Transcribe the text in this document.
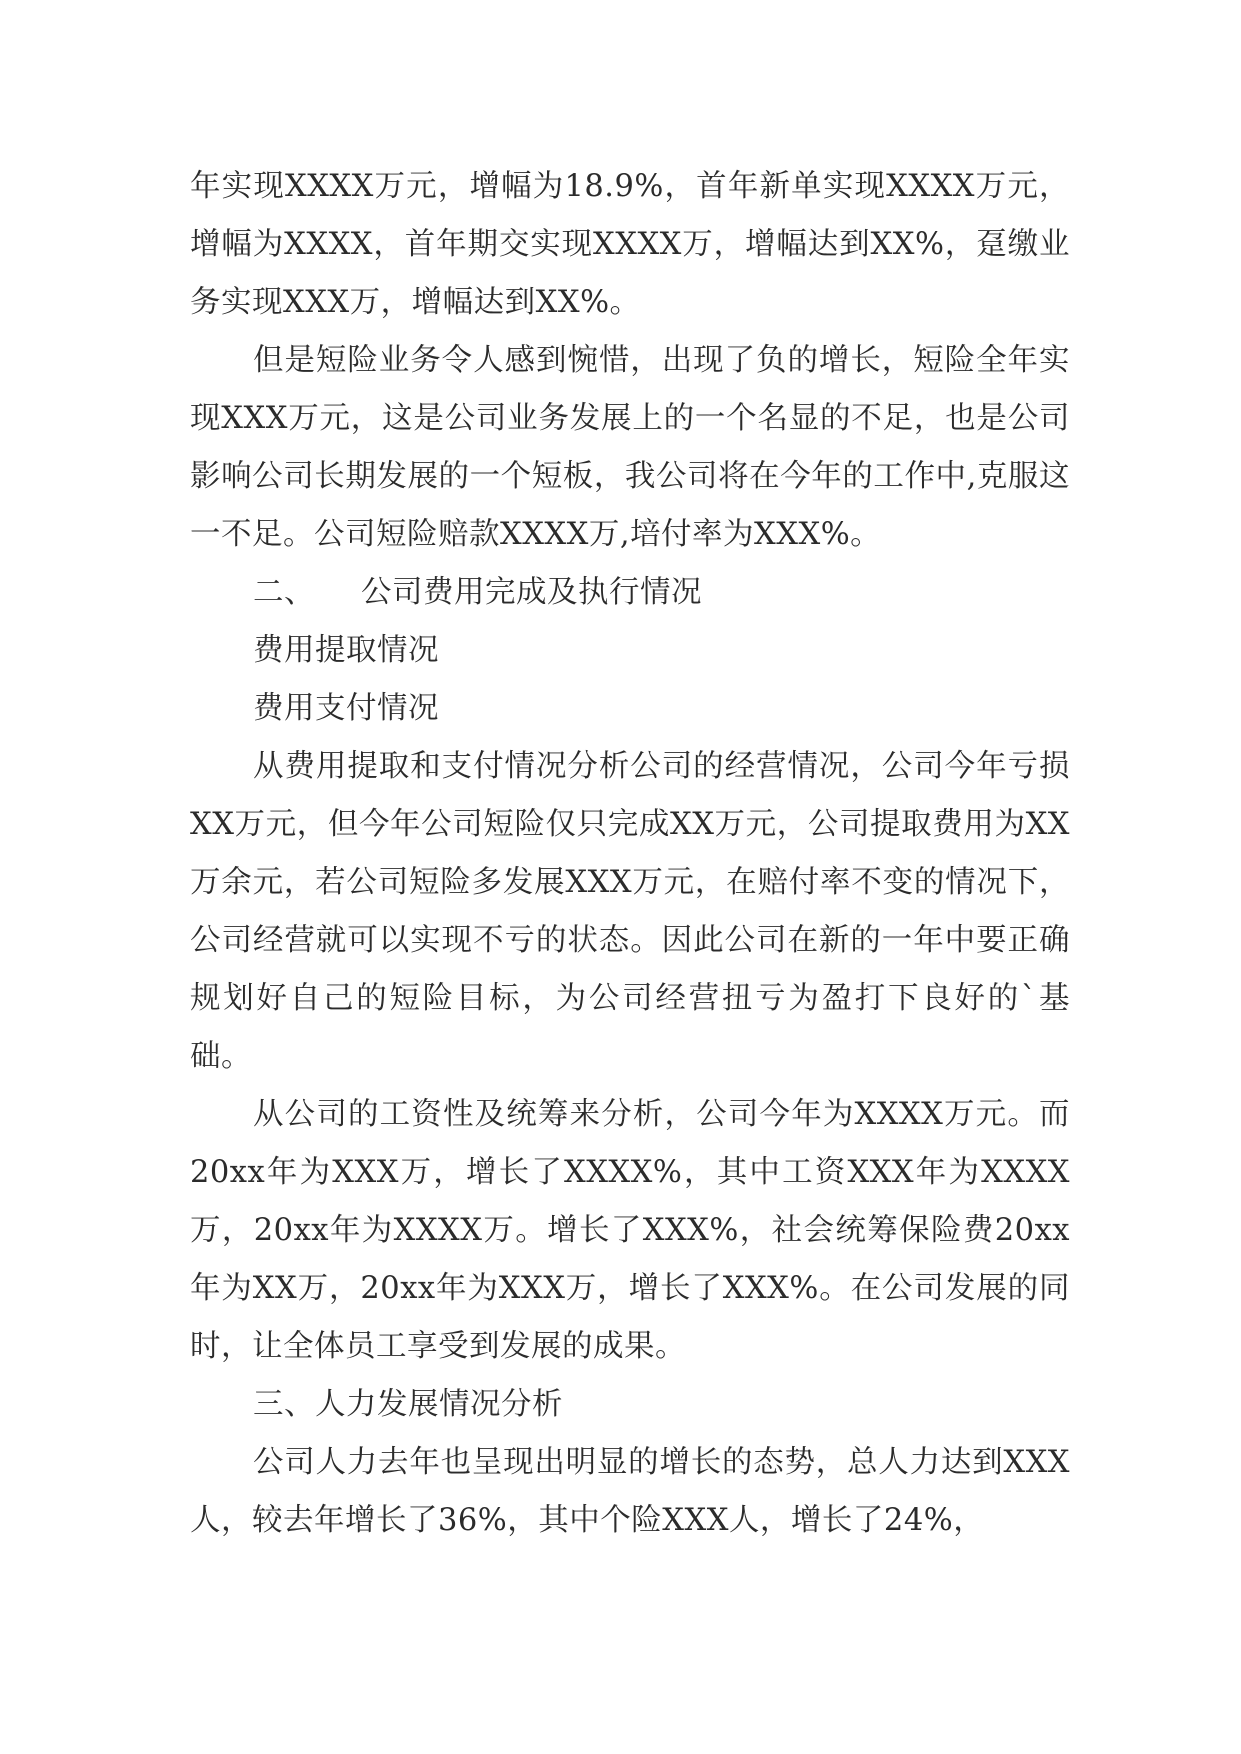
年实现XXXX万元，增幅为18.9%，首年新单实现XXXX万元，增幅为XXXX，首年期交实现XXXX万，增幅达到XX%，趸缴业务实现XXX万，增幅达到XX%。

但是短险业务令人感到惋惜，出现了负的增长，短险全年实现XXX万元，这是公司业务发展上的一个名显的不足，也是公司影响公司长期发展的一个短板，我公司将在今年的工作中,克服这一不足。公司短险赔款XXXX万,培付率为XXX%。

二、 公司费用完成及执行情况

费用提取情况

费用支付情况

从费用提取和支付情况分析公司的经营情况，公司今年亏损XX万元，但今年公司短险仅只完成XX万元，公司提取费用为XX万余元，若公司短险多发展XXX万元，在赔付率不变的情况下，公司经营就可以实现不亏的状态。因此公司在新的一年中要正确规划好自己的短险目标，为公司经营扭亏为盈打下良好的`基础。

从公司的工资性及统筹来分析，公司今年为XXXX万元。而20xx年为XXX万，增长了XXXX%，其中工资XXX年为XXXX万，20xx年为XXXX万。增长了XXX%，社会统筹保险费20xx年为XX万，20xx年为XXX万，增长了XXX%。在公司发展的同时，让全体员工享受到发展的成果。

三、人力发展情况分析

公司人力去年也呈现出明显的增长的态势，总人力达到XXX人，较去年增长了36%，其中个险XXX人，增长了24%，
